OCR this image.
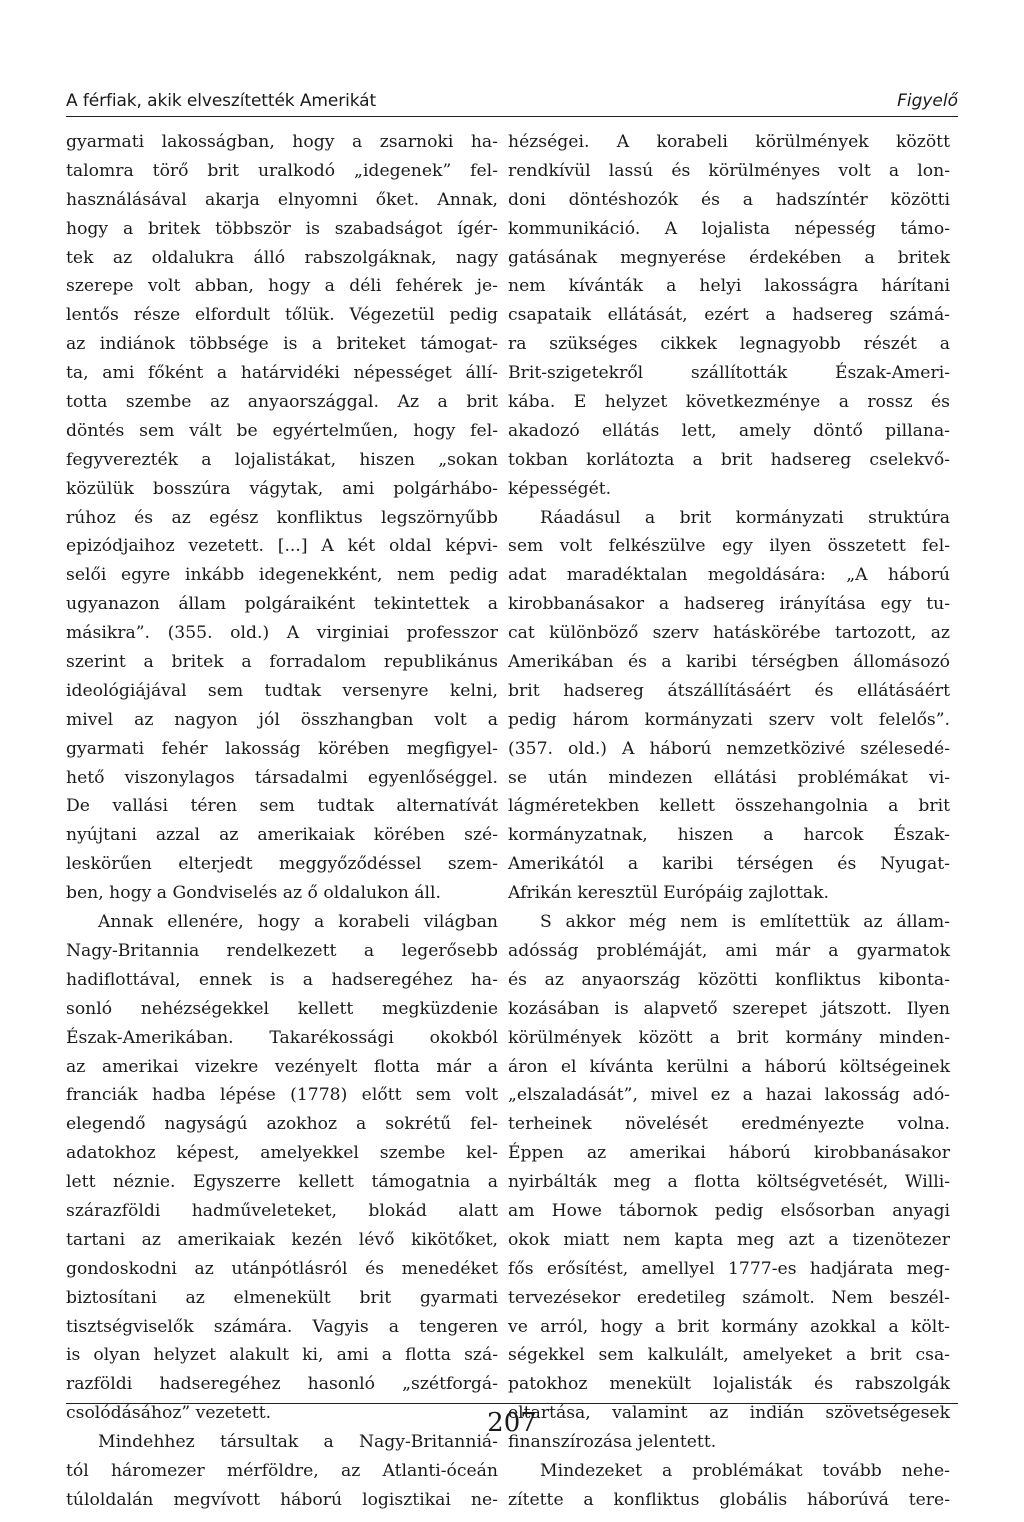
A férfiak, akik elveszítették Amerikát	Figyelő
gyarmati lakosságban, hogy a zsarnoki ha-
talomra törő brit uralkodó „idegenek” fel-
használásával akarja elnyomni őket. Annak,
hogy a britek többször is szabadságot ígér-
tek az oldalukra álló rabszolgáknak, nagy
szerepe volt abban, hogy a déli fehérek je-
lentős része elfordult tőlük. Végezetül pedig
az indiánok többsége is a briteket támogat-
ta, ami főként a határvidéki népességet állí-
totta szembe az anyaországgal. Az a brit
döntés sem vált be egyértelműen, hogy fel-
fegyverezték a lojalistákat, hiszen „sokan
közülük bosszúra vágytak, ami polgárhábo-
rúhoz és az egész konfliktus legszörnyűbb
epizódjaihoz vezetett. [...] A két oldal képvi-
selői egyre inkább idegenekként, nem pedig
ugyanazon állam polgáraiként tekintettek a
másikra”. (355. old.) A virginiai professzor
szerint a britek a forradalom republikánus
ideológiájával sem tudtak versenyre kelni,
mivel az nagyon jól összhangban volt a
gyarmati fehér lakosság körében megfigyel-
hető viszonylagos társadalmi egyenlőséggel.
De vallási téren sem tudtak alternatívát
nyújtani azzal az amerikaiak körében szé-
leskörűen elterjedt meggyőződéssel szem-
ben, hogy a Gondviselés az ő oldalukon áll.
Annak ellenére, hogy a korabeli világban
Nagy-Britannia rendelkezett a legerősebb
hadiflottával, ennek is a hadseregéhez ha-
sonló nehézségekkel kellett megküzdenie
Észak-Amerikában. Takarékossági okokból
az amerikai vizekre vezényelt flotta már a
franciák hadba lépése (1778) előtt sem volt
elegendő nagyságú azokhoz a sokrétű fel-
adatokhoz képest, amelyekkel szembe kel-
lett néznie. Egyszerre kellett támogatnia a
szárazföldi hadműveleteket, blokád alatt
tartani az amerikaiak kezén lévő kikötőket,
gondoskodni az utánpótlásról és menedéket
biztosítani az elmenekült brit gyarmati
tisztségviselők számára. Vagyis a tengeren
is olyan helyzet alakult ki, ami a flotta szá-
razföldi hadseregéhez hasonló „szétforgá-
csolódásához” vezetett.
Mindehhez társultak a Nagy-Britanniá-
tól háromezer mérföldre, az Atlanti-óceán
túloldalán megvívott háború logisztikai ne-
hézségei. A korabeli körülmények között
rendkívül lassú és körülményes volt a lon-
doni döntéshozók és a hadszíntér közötti
kommunikáció. A lojalista népesség támo-
gatásának megnyerése érdekében a britek
nem kívánták a helyi lakosságra hárítani
csapataik ellátását, ezért a hadsereg számá-
ra szükséges cikkek legnagyobb részét a
Brit-szigetekről szállították Észak-Ameri-
kába. E helyzet következménye a rossz és
akadozó ellátás lett, amely döntő pillana-
tokban korlátozta a brit hadsereg cselekvő-
képességét.
Ráadásul a brit kormányzati struktúra
sem volt felkészülve egy ilyen összetett fel-
adat maradéktalan megoldására: „A háború
kirobbanásakor a hadsereg irányítása egy tu-
cat különböző szerv hatáskörébe tartozott, az
Amerikában és a karibi térségben állomásozó
brit hadsereg átszállításáért és ellátásáért
pedig három kormányzati szerv volt felelős”.
(357. old.) A háború nemzetközivé szélesedé-
se után mindezen ellátási problémákat vi-
lágméretekben kellett összehangolnia a brit
kormányzatnak, hiszen a harcok Észak-
Amerikától a karibi térségen és Nyugat-
Afrikán keresztül Európáig zajlottak.
S akkor még nem is említettük az állam-
adósság problémáját, ami már a gyarmatok
és az anyaország közötti konfliktus kibonta-
kozásában is alapvető szerepet játszott. Ilyen
körülmények között a brit kormány minden-
áron el kívánta kerülni a háború költségeinek
„elszaladását”, mivel ez a hazai lakosság adó-
terheinek növelését eredményezte volna.
Éppen az amerikai háború kirobbanásakor
nyirbálták meg a flotta költségvetését, Willi-
am Howe tábornok pedig elsősorban anyagi
okok miatt nem kapta meg azt a tizenötezer
fős erősítést, amellyel 1777-es hadjárata meg-
tervezésekor eredetileg számolt. Nem beszél-
ve arról, hogy a brit kormány azokkal a költ-
ségekkel sem kalkulált, amelyeket a brit csa-
patokhoz menekült lojalisták és rabszolgák
eltartása, valamint az indián szövetségesek
finanszírozása jelentett.
Mindezeket a problémákat tovább nehe-
zítette a konfliktus globális háborúvá tere-
207
